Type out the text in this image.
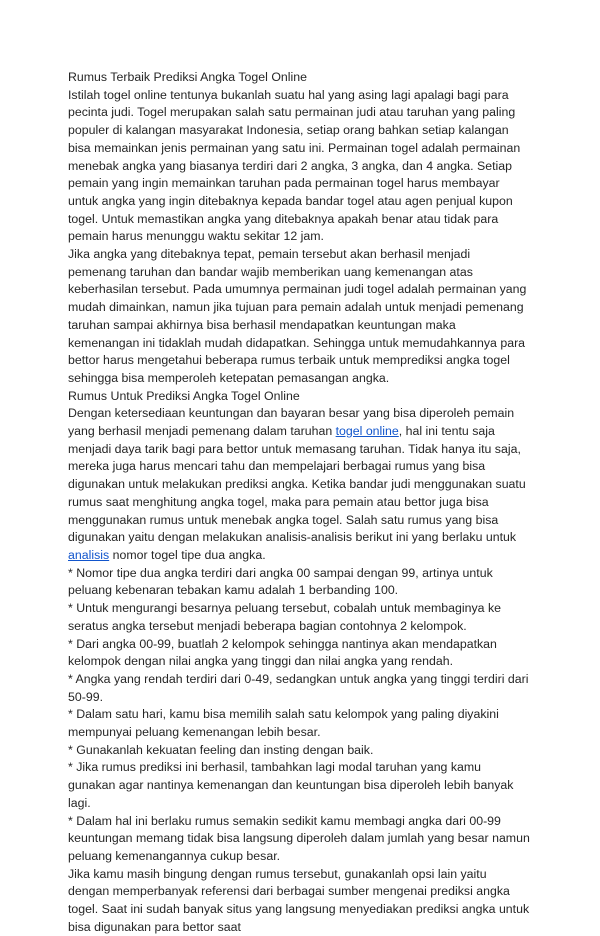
Rumus Terbaik Prediksi Angka Togel Online

Istilah togel online tentunya bukanlah suatu hal yang asing lagi apalagi bagi para pecinta judi. Togel merupakan salah satu permainan judi atau taruhan yang paling populer di kalangan masyarakat Indonesia, setiap orang bahkan setiap kalangan bisa memainkan jenis permainan yang satu ini. Permainan togel adalah permainan menebak angka yang biasanya terdiri dari 2 angka, 3 angka, dan 4 angka. Setiap pemain yang ingin memainkan taruhan pada permainan togel harus membayar untuk angka yang ingin ditebaknya kepada bandar togel atau agen penjual kupon togel. Untuk memastikan angka yang ditebaknya apakah benar atau tidak para pemain harus menunggu waktu sekitar 12 jam.

Jika angka yang ditebaknya tepat, pemain tersebut akan berhasil menjadi pemenang taruhan dan bandar wajib memberikan uang kemenangan atas keberhasilan tersebut. Pada umumnya permainan judi togel adalah permainan yang mudah dimainkan, namun jika tujuan para pemain adalah untuk menjadi pemenang taruhan sampai akhirnya bisa berhasil mendapatkan keuntungan maka kemenangan ini tidaklah mudah didapatkan. Sehingga untuk memudahkannya para bettor harus mengetahui beberapa rumus terbaik untuk memprediksi angka togel sehingga bisa memperoleh ketepatan pemasangan angka.

Rumus Untuk Prediksi Angka Togel Online

Dengan ketersediaan keuntungan dan bayaran besar yang bisa diperoleh pemain yang berhasil menjadi pemenang dalam taruhan togel online, hal ini tentu saja menjadi daya tarik bagi para bettor untuk memasang taruhan. Tidak hanya itu saja, mereka juga harus mencari tahu dan mempelajari berbagai rumus yang bisa digunakan untuk melakukan prediksi angka. Ketika bandar judi menggunakan suatu rumus saat menghitung angka togel, maka para pemain atau bettor juga bisa menggunakan rumus untuk menebak angka togel. Salah satu rumus yang bisa digunakan yaitu dengan melakukan analisis-analisis berikut ini yang berlaku untuk analisis nomor togel tipe dua angka.

* Nomor tipe dua angka terdiri dari angka 00 sampai dengan 99, artinya untuk peluang kebenaran tebakan kamu adalah 1 berbanding 100.

* Untuk mengurangi besarnya peluang tersebut, cobalah untuk membaginya ke seratus angka tersebut menjadi beberapa bagian contohnya 2 kelompok.

* Dari angka 00-99, buatlah 2 kelompok sehingga nantinya akan mendapatkan kelompok dengan nilai angka yang tinggi dan nilai angka yang rendah.

* Angka yang rendah terdiri dari 0-49, sedangkan untuk angka yang tinggi terdiri dari 50-99.

* Dalam satu hari, kamu bisa memilih salah satu kelompok yang paling diyakini mempunyai peluang kemenangan lebih besar.

* Gunakanlah kekuatan feeling dan insting dengan baik.

* Jika rumus prediksi ini berhasil, tambahkan lagi modal taruhan yang kamu gunakan agar nantinya kemenangan dan keuntungan bisa diperoleh lebih banyak lagi.

* Dalam hal ini berlaku rumus semakin sedikit kamu membagi angka dari 00-99 keuntungan memang tidak bisa langsung diperoleh dalam jumlah yang besar namun peluang kemenangannya cukup besar.

Jika kamu masih bingung dengan rumus tersebut, gunakanlah opsi lain yaitu dengan memperbanyak referensi dari berbagai sumber mengenai prediksi angka togel. Saat ini sudah banyak situs yang langsung menyediakan prediksi angka untuk bisa digunakan para bettor saat
